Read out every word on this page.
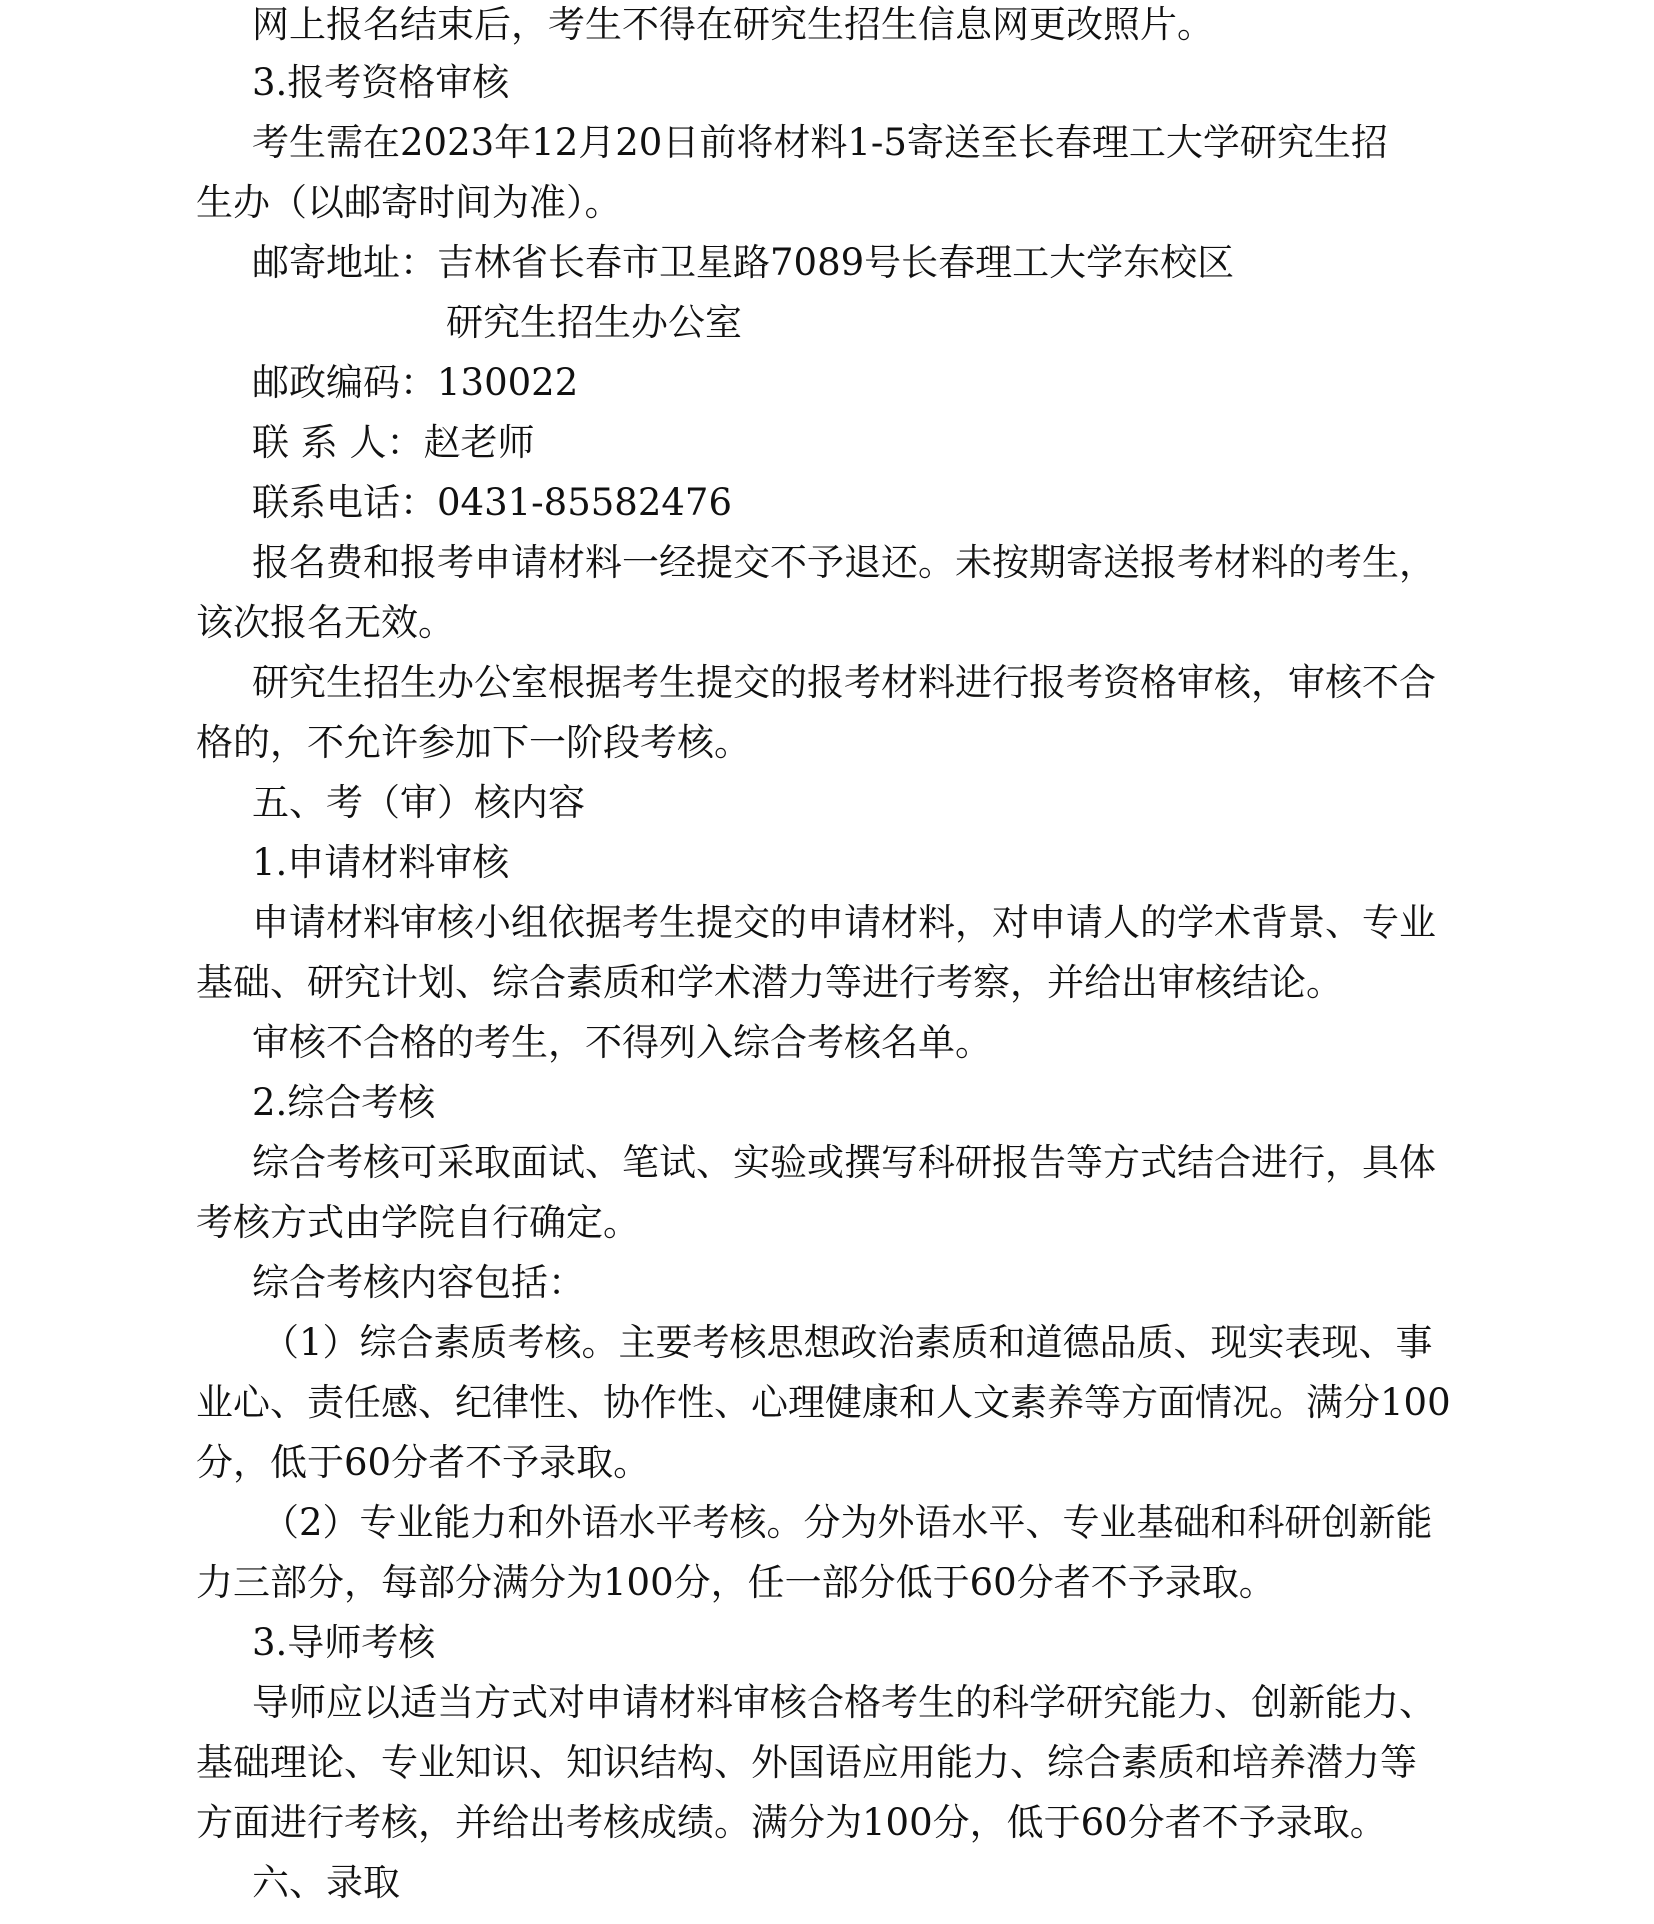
网上报名结束后，考生不得在研究生招生信息网更改照片。
3.报考资格审核
考生需在2023年12月20日前将材料1-5寄送至长春理工大学研究生招
生办（以邮寄时间为准）。
邮寄地址：吉林省长春市卫星路7089号长春理工大学东校区
研究生招生办公室
邮政编码：130022
联 系 人：赵老师
联系电话：0431-85582476
报名费和报考申请材料一经提交不予退还。未按期寄送报考材料的考生，
该次报名无效。
研究生招生办公室根据考生提交的报考材料进行报考资格审核，审核不合
格的，不允许参加下一阶段考核。
五、考（审）核内容
1.申请材料审核
申请材料审核小组依据考生提交的申请材料，对申请人的学术背景、专业
基础、研究计划、综合素质和学术潜力等进行考察，并给出审核结论。
审核不合格的考生，不得列入综合考核名单。
2.综合考核
综合考核可采取面试、笔试、实验或撰写科研报告等方式结合进行，具体
考核方式由学院自行确定。
综合考核内容包括：
（1）综合素质考核。主要考核思想政治素质和道德品质、现实表现、事
业心、责任感、纪律性、协作性、心理健康和人文素养等方面情况。满分100
分，低于60分者不予录取。
（2）专业能力和外语水平考核。分为外语水平、专业基础和科研创新能
力三部分，每部分满分为100分，任一部分低于60分者不予录取。
3.导师考核
导师应以适当方式对申请材料审核合格考生的科学研究能力、创新能力、
基础理论、专业知识、知识结构、外国语应用能力、综合素质和培养潜力等
方面进行考核，并给出考核成绩。满分为100分，低于60分者不予录取。
六、录取
